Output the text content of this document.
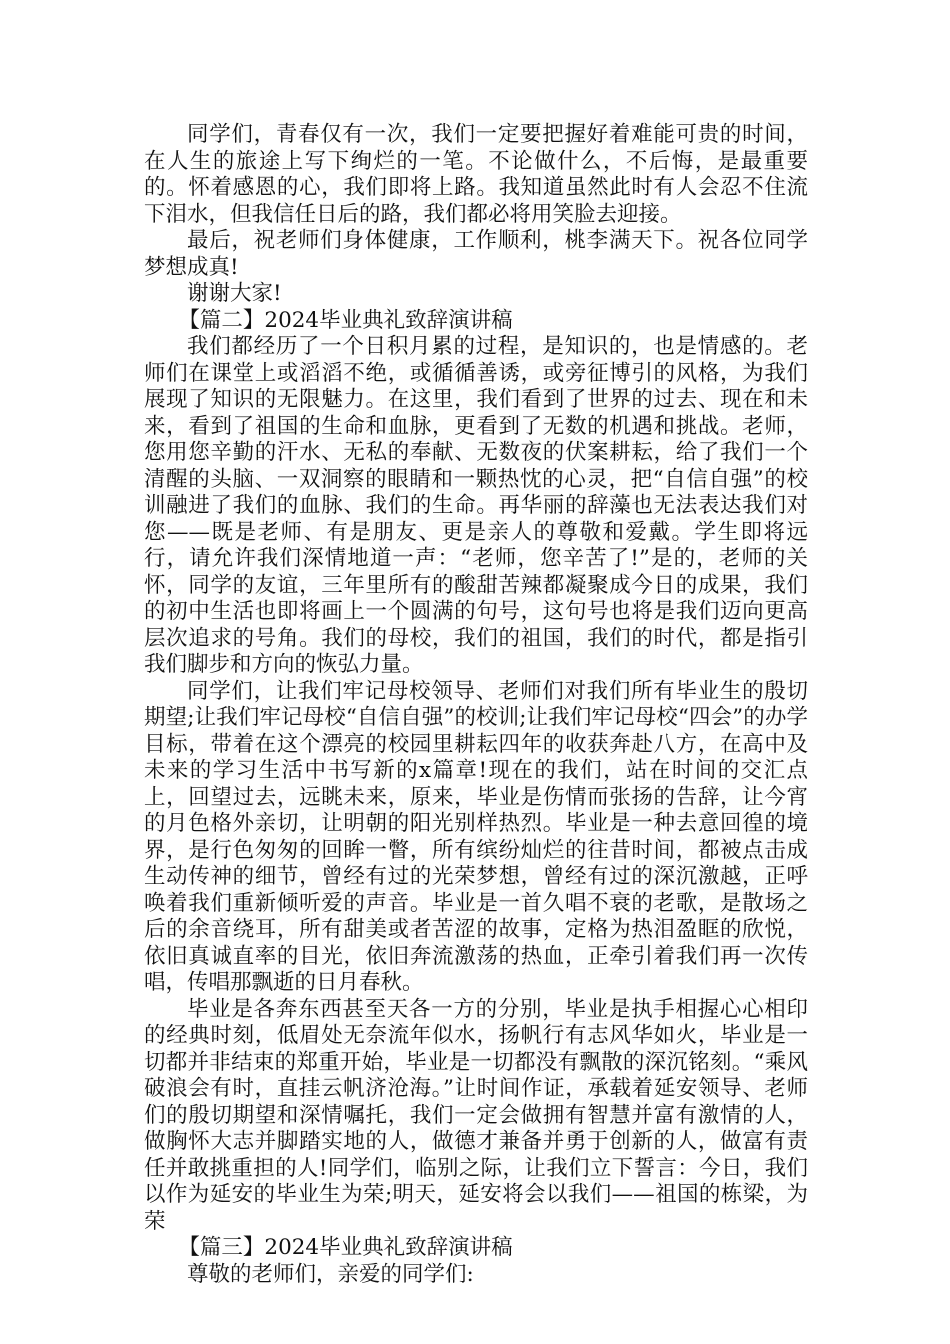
同学们，青春仅有一次，我们一定要把握好着难能可贵的时间，在人生的旅途上写下绚烂的一笔。不论做什么，不后悔，是最重要的。怀着感恩的心，我们即将上路。我知道虽然此时有人会忍不住流下泪水，但我信任日后的路，我们都必将用笑脸去迎接。

最后，祝老师们身体健康，工作顺利，桃李满天下。祝各位同学梦想成真!

谢谢大家!

【篇二】2024毕业典礼致辞演讲稿

我们都经历了一个日积月累的过程，是知识的，也是情感的。老师们在课堂上或滔滔不绝，或循循善诱，或旁征博引的风格，为我们展现了知识的无限魅力。在这里，我们看到了世界的过去、现在和未来，看到了祖国的生命和血脉，更看到了无数的机遇和挑战。老师，您用您辛勤的汗水、无私的奉献、无数夜的伏案耕耘，给了我们一个清醒的头脑、一双洞察的眼睛和一颗热忱的心灵，把“自信自强”的校训融进了我们的血脉、我们的生命。再华丽的辞藻也无法表达我们对您——既是老师、有是朋友、更是亲人的尊敬和爱戴。学生即将远行，请允许我们深情地道一声：“老师，您辛苦了!”是的，老师的关怀，同学的友谊，三年里所有的酸甜苦辣都凝聚成今日的成果，我们的初中生活也即将画上一个圆满的句号，这句号也将是我们迈向更高层次追求的号角。我们的母校，我们的祖国，我们的时代，都是指引我们脚步和方向的恢弘力量。

同学们，让我们牢记母校领导、老师们对我们所有毕业生的殷切期望;让我们牢记母校“自信自强”的校训;让我们牢记母校“四会”的办学目标，带着在这个漂亮的校园里耕耘四年的收获奔赴八方，在高中及未来的学习生活中书写新的x篇章!现在的我们，站在时间的交汇点上，回望过去，远眺未来，原来，毕业是伤情而张扬的告辞，让今宵的月色格外亲切，让明朝的阳光别样热烈。毕业是一种去意回徨的境界，是行色匆匆的回眸一瞥，所有缤纷灿烂的往昔时间，都被点击成生动传神的细节，曾经有过的光荣梦想，曾经有过的深沉激越，正呼唤着我们重新倾听爱的声音。毕业是一首久唱不衰的老歌，是散场之后的余音绕耳，所有甜美或者苦涩的故事，定格为热泪盈眶的欣悦，依旧真诚直率的目光，依旧奔流激荡的热血，正牵引着我们再一次传唱，传唱那飘逝的日月春秋。

毕业是各奔东西甚至天各一方的分别，毕业是执手相握心心相印的经典时刻，低眉处无奈流年似水，扬帆行有志风华如火，毕业是一切都并非结束的郑重开始，毕业是一切都没有飘散的深沉铭刻。“乘风破浪会有时，直挂云帆济沧海。”让时间作证，承载着延安领导、老师们的殷切期望和深情嘱托，我们一定会做拥有智慧并富有激情的人，做胸怀大志并脚踏实地的人，做德才兼备并勇于创新的人，做富有责任并敢挑重担的人!同学们，临别之际，让我们立下誓言：今日，我们以作为延安的毕业生为荣;明天，延安将会以我们——祖国的栋梁，为荣

【篇三】2024毕业典礼致辞演讲稿

尊敬的老师们，亲爱的同学们:
